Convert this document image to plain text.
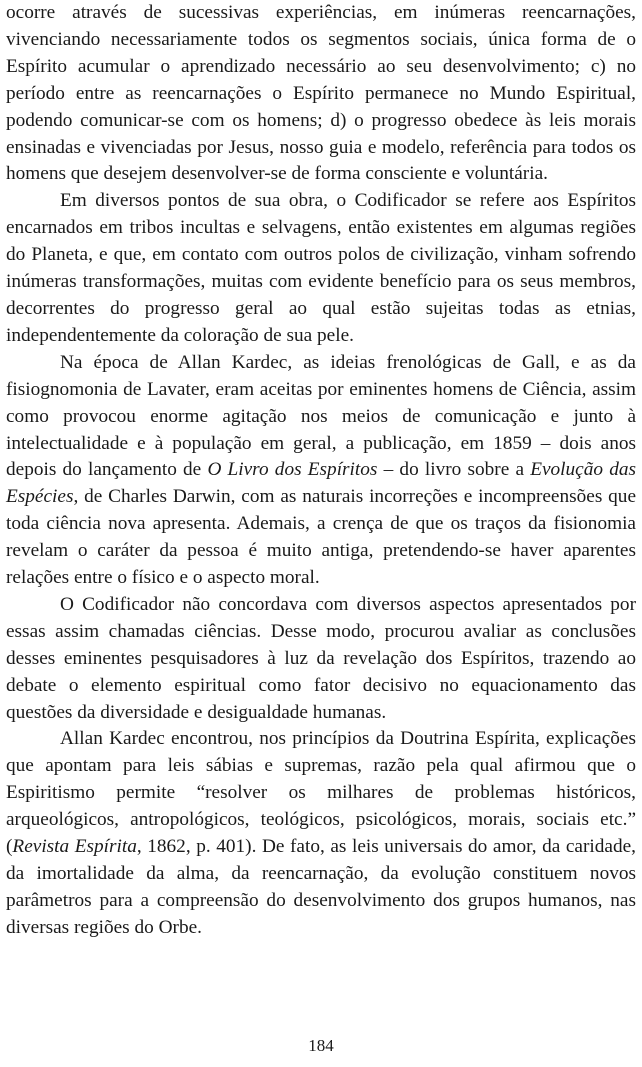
ocorre através de sucessivas experiências, em inúmeras reencarnações, vivenciando necessariamente todos os segmentos sociais, única forma de o Espírito acumular o aprendizado necessário ao seu desenvolvimento; c) no período entre as reencarnações o Espírito permanece no Mundo Espiritual, podendo comunicar-se com os homens; d) o progresso obedece às leis morais ensinadas e vivenciadas por Jesus, nosso guia e modelo, referência para todos os homens que desejem desenvolver-se de forma consciente e voluntária.

Em diversos pontos de sua obra, o Codificador se refere aos Espíritos encarnados em tribos incultas e selvagens, então existentes em algumas regiões do Planeta, e que, em contato com outros polos de civilização, vinham sofrendo inúmeras transformações, muitas com evidente benefício para os seus membros, decorrentes do progresso geral ao qual estão sujeitas todas as etnias, independentemente da coloração de sua pele.

Na época de Allan Kardec, as ideias frenológicas de Gall, e as da fisiognomonia de Lavater, eram aceitas por eminentes homens de Ciência, assim como provocou enorme agitação nos meios de comunicação e junto à intelectualidade e à população em geral, a publicação, em 1859 – dois anos depois do lançamento de O Livro dos Espíritos – do livro sobre a Evolução das Espécies, de Charles Darwin, com as naturais incorreções e incompreensões que toda ciência nova apresenta. Ademais, a crença de que os traços da fisionomia revelam o caráter da pessoa é muito antiga, pretendendo-se haver aparentes relações entre o físico e o aspecto moral.

O Codificador não concordava com diversos aspectos apresentados por essas assim chamadas ciências. Desse modo, procurou avaliar as conclusões desses eminentes pesquisadores à luz da revelação dos Espíritos, trazendo ao debate o elemento espiritual como fator decisivo no equacionamento das questões da diversidade e desigualdade humanas.

Allan Kardec encontrou, nos princípios da Doutrina Espírita, explicações que apontam para leis sábias e supremas, razão pela qual afirmou que o Espiritismo permite “resolver os milhares de problemas históricos, arqueológicos, antropológicos, teológicos, psicológicos, morais, sociais etc.” (Revista Espírita, 1862, p. 401). De fato, as leis universais do amor, da caridade, da imortalidade da alma, da reencarnação, da evolução constituem novos parâmetros para a compreensão do desenvolvimento dos grupos humanos, nas diversas regiões do Orbe.

184
